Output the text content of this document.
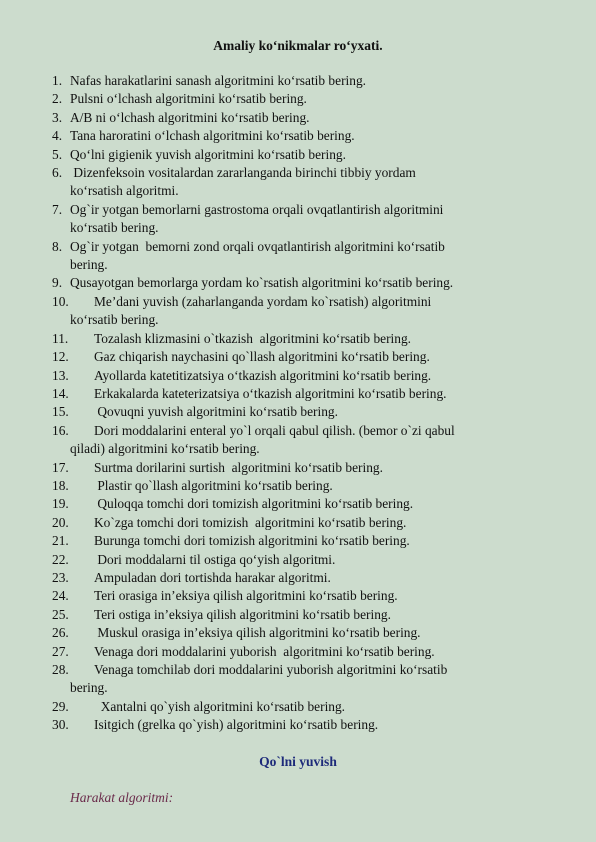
Amaliy ko‘nikmalar ro‘yxati.
1. Nafas harakatlarini sanash algoritmini ko‘rsatib bering.
2. Pulsni o‘lchash algoritmini ko‘rsatib bering.
3. A/B ni o‘lchash algoritmini ko‘rsatib bering.
4. Tana haroratini o‘lchash algoritmini ko‘rsatib bering.
5. Qo‘lni gigienik yuvish algoritmini ko‘rsatib bering.
6. Dizenfeksoin vositalardan zararlanganda birinchi tibbiy yordam
ko‘rsatish algoritmi.
7. Og`ir yotgan bemorlarni gastrostoma orqali ovqatlantirish algoritmini
ko‘rsatib bering.
8. Og`ir yotgan  bemorni zond orqali ovqatlantirish algoritmini ko‘rsatib
bering.
9. Qusayotgan bemorlarga yordam ko`rsatish algoritmini ko‘rsatib bering.
10.	Me’dani yuvish (zaharlanganda yordam ko`rsatish) algoritmini
ko‘rsatib bering.
11.	Tozalash klizmasini o`tkazish  algoritmini ko‘rsatib bering.
12.	Gaz chiqarish naychasini qo`llash algoritmini ko‘rsatib bering.
13.	Ayollarda katetitizatsiya o‘tkazish algoritmini ko‘rsatib bering.
14.	Erkakalarda kateterizatsiya o‘tkazish algoritmini ko‘rsatib bering.
15.	Qovuqni yuvish algoritmini ko‘rsatib bering.
16.	Dori moddalarini enteral yo`l orqali qabul qilish. (bemor o`zi qabul
qiladi) algoritmini ko‘rsatib bering.
17.	Surtma dorilarini surtish  algoritmini ko‘rsatib bering.
18.	Plastir qo`llash algoritmini ko‘rsatib bering.
19.	Quloqqa tomchi dori tomizish algoritmini ko‘rsatib bering.
20.	Ko`zga tomchi dori tomizish  algoritmini ko‘rsatib bering.
21.	Burunga tomchi dori tomizish algoritmini ko‘rsatib bering.
22.	Dori moddalarni til ostiga qo‘yish algoritmi.
23.	Ampuladan dori tortishda harakar algoritmi.
24.	Teri orasiga in’eksiya qilish algoritmini ko‘rsatib bering.
25.	Teri ostiga in’eksiya qilish algoritmini ko‘rsatib bering.
26.	Muskul orasiga in’eksiya qilish algoritmini ko‘rsatib bering.
27.	Venaga dori moddalarini yuborish  algoritmini ko‘rsatib bering.
28.	Venaga tomchilab dori moddalarini yuborish algoritmini ko‘rsatib
bering.
29.	Xantalni qo`yish algoritmini ko‘rsatib bering.
30.	Isitgich (grelka qo`yish) algoritmini ko‘rsatib bering.
Qo`lni yuvish
Harakat algoritmi:
